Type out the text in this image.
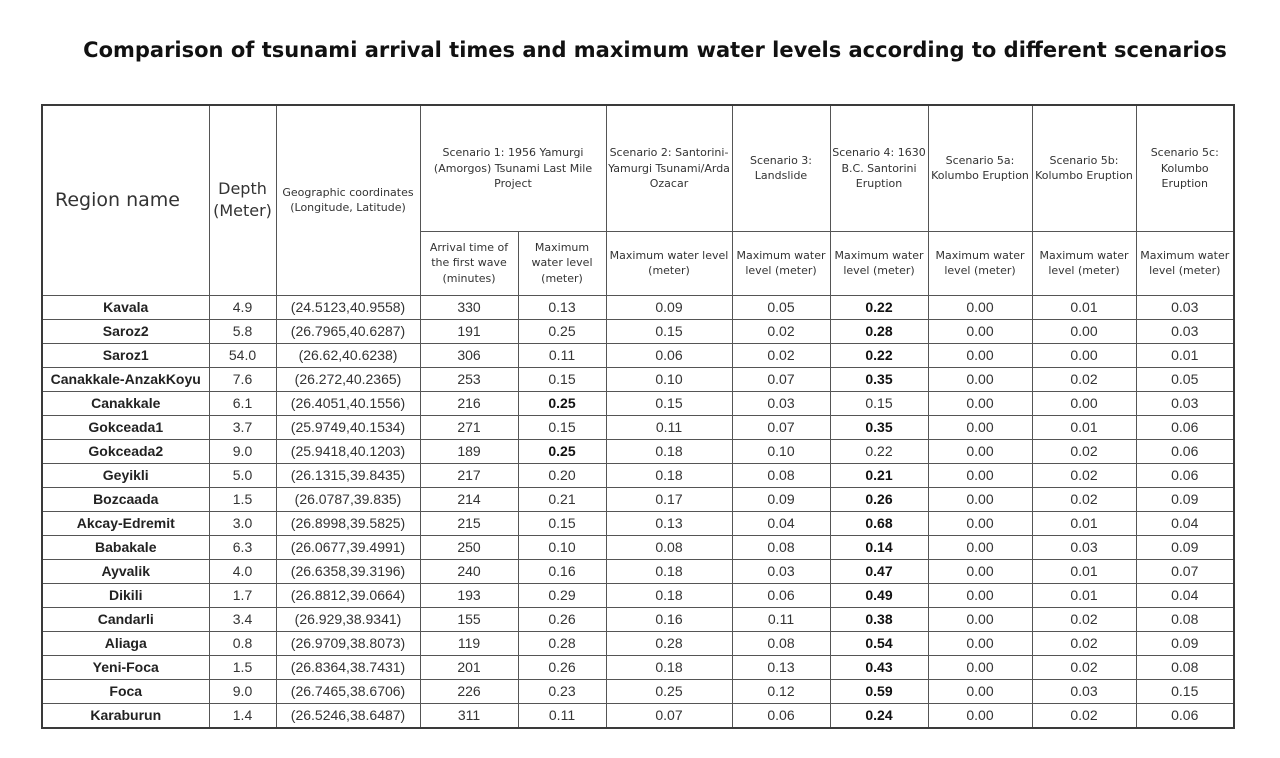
Comparison of tsunami arrival times and maximum water levels according to different scenarios
Region name	Depth (Meter)	Geographic coordinates (Longitude, Latitude)	Scenario 1: 1956 Yamurgi (Amorgos) Tsunami Last Mile Project		Scenario 2: Santorini-Yamurgi Tsunami/Arda Ozacar	Scenario 3: Landslide	Scenario 4: 1630 B.C. Santorini Eruption	Scenario 5a: Kolumbo Eruption	Scenario 5b: Kolumbo Eruption	Scenario 5c: Kolumbo Eruption
			Arrival time of the first wave (minutes)	Maximum water level (meter)	Maximum water level (meter)	Maximum water level (meter)	Maximum water level (meter)	Maximum water level (meter)	Maximum water level (meter)	Maximum water level (meter)
Kavala	4.9	(24.5123,40.9558)	330	0.13	0.09	0.05	0.22	0.00	0.01	0.03
Saroz2	5.8	(26.7965,40.6287)	191	0.25	0.15	0.02	0.28	0.00	0.00	0.03
Saroz1	54.0	(26.62,40.6238)	306	0.11	0.06	0.02	0.22	0.00	0.00	0.01
Canakkale-AnzakKoyu	7.6	(26.272,40.2365)	253	0.15	0.10	0.07	0.35	0.00	0.02	0.05
Canakkale	6.1	(26.4051,40.1556)	216	0.25	0.15	0.03	0.15	0.00	0.00	0.03
Gokceada1	3.7	(25.9749,40.1534)	271	0.15	0.11	0.07	0.35	0.00	0.01	0.06
Gokceada2	9.0	(25.9418,40.1203)	189	0.25	0.18	0.10	0.22	0.00	0.02	0.06
Geyikli	5.0	(26.1315,39.8435)	217	0.20	0.18	0.08	0.21	0.00	0.02	0.06
Bozcaada	1.5	(26.0787,39.835)	214	0.21	0.17	0.09	0.26	0.00	0.02	0.09
Akcay-Edremit	3.0	(26.8998,39.5825)	215	0.15	0.13	0.04	0.68	0.00	0.01	0.04
Babakale	6.3	(26.0677,39.4991)	250	0.10	0.08	0.08	0.14	0.00	0.03	0.09
Ayvalik	4.0	(26.6358,39.3196)	240	0.16	0.18	0.03	0.47	0.00	0.01	0.07
Dikili	1.7	(26.8812,39.0664)	193	0.29	0.18	0.06	0.49	0.00	0.01	0.04
Candarli	3.4	(26.929,38.9341)	155	0.26	0.16	0.11	0.38	0.00	0.02	0.08
Aliaga	0.8	(26.9709,38.8073)	119	0.28	0.28	0.08	0.54	0.00	0.02	0.09
Yeni-Foca	1.5	(26.8364,38.7431)	201	0.26	0.18	0.13	0.43	0.00	0.02	0.08
Foca	9.0	(26.7465,38.6706)	226	0.23	0.25	0.12	0.59	0.00	0.03	0.15
Karaburun	1.4	(26.5246,38.6487)	311	0.11	0.07	0.06	0.24	0.00	0.02	0.06
